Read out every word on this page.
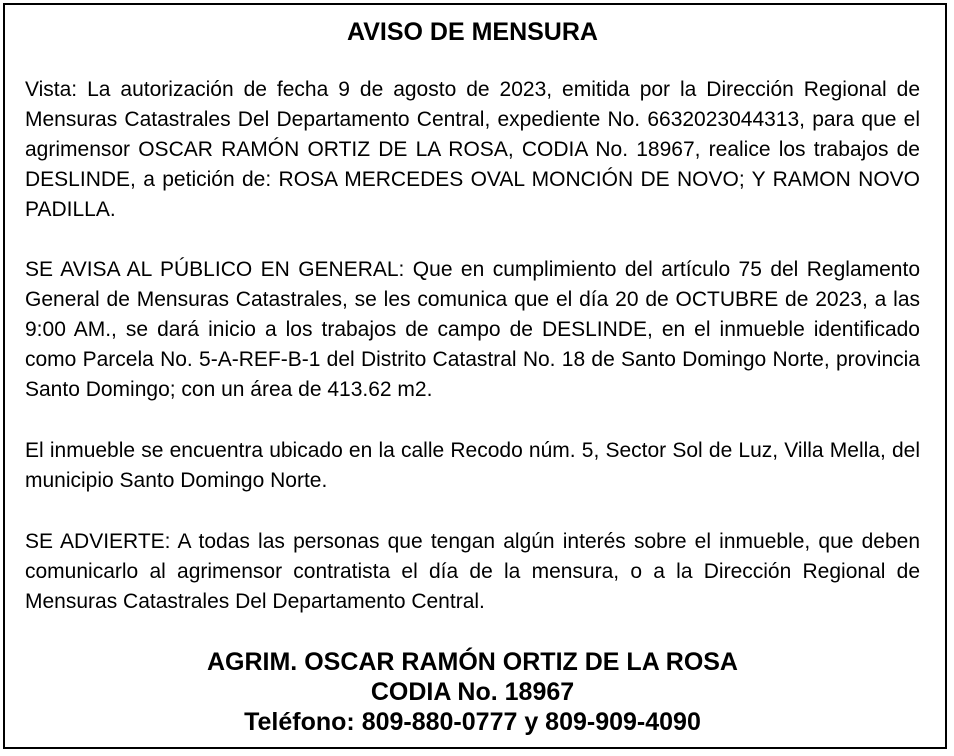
AVISO DE MENSURA

Vista: La autorización de fecha 9 de agosto de 2023, emitida por la Dirección Regional de Mensuras Catastrales Del Departamento Central, expediente No. 6632023044313, para que el agrimensor OSCAR RAMÓN ORTIZ DE LA ROSA, CODIA No. 18967, realice los trabajos de DESLINDE, a petición de: ROSA MERCEDES OVAL MONCIÓN DE NOVO; Y RAMON NOVO PADILLA.

SE AVISA AL PÚBLICO EN GENERAL: Que en cumplimiento del artículo 75 del Reglamento General de Mensuras Catastrales, se les comunica que el día 20 de OCTUBRE de 2023, a las 9:00 AM., se dará inicio a los trabajos de campo de DESLINDE, en el inmueble identificado como Parcela No. 5-A-REF-B-1 del Distrito Catastral No. 18 de Santo Domingo Norte, provincia Santo Domingo; con un área de 413.62 m2.

El inmueble se encuentra ubicado en la calle Recodo núm. 5, Sector Sol de Luz, Villa Mella, del municipio Santo Domingo Norte.

SE ADVIERTE: A todas las personas que tengan algún interés sobre el inmueble, que deben comunicarlo al agrimensor contratista el día de la mensura, o a la Dirección Regional de Mensuras Catastrales Del Departamento Central.

AGRIM. OSCAR RAMÓN ORTIZ DE LA ROSA
CODIA No. 18967
Teléfono: 809-880-0777 y 809-909-4090
